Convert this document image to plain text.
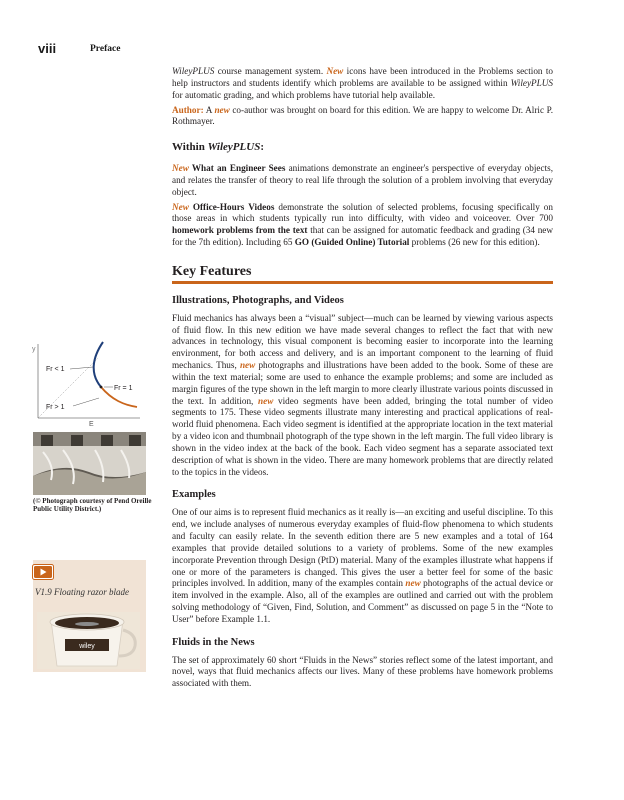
viii	Preface

WileyPLUS course management system. New icons have been introduced in the Problems section to help instructors and students identify which problems are available to be assigned within WileyPLUS for automatic grading, and which problems have tutorial help available.

Author: A new co-author was brought on board for this edition. We are happy to welcome Dr. Alric P. Rothmayer.

Within WileyPLUS:

New What an Engineer Sees animations demonstrate an engineer's perspective of everyday objects, and relates the transfer of theory to real life through the solution of a problem involving that everyday object.

New Office-Hours Videos demonstrate the solution of selected problems, focusing specifically on those areas in which students typically run into difficulty, with video and voiceover. Over 700 homework problems from the text that can be assigned for automatic feedback and grading (34 new for the 7th edition). Including 65 GO (Guided Online) Tutorial problems (26 new for this edition).

Key Features
Illustrations, Photographs, and Videos

Fluid mechanics has always been a “visual” subject—much can be learned by viewing various aspects of fluid flow. In this new edition we have made several changes to reflect the fact that with new advances in technology, this visual component is becoming easier to incorporate into the learning environment, for both access and delivery, and is an important component to the learning of fluid mechanics. Thus, new photographs and illustrations have been added to the book. Some of these are within the text material; some are used to enhance the example problems; and some are included as margin figures of the type shown in the left margin to more clearly illustrate various points discussed in the text. In addition, new video segments have been added, bringing the total number of video segments to 175. These video segments illustrate many interesting and practical applications of real-world fluid phenomena. Each video segment is identified at the appropriate location in the text material by a video icon and thumbnail photograph of the type shown in the left margin. The full video library is shown in the video index at the back of the book. Each video segment has a separate associated text description of what is shown in the video. There are many homework problems that are directly related to the topics in the videos.

Examples

One of our aims is to represent fluid mechanics as it really is—an exciting and useful discipline. To this end, we include analyses of numerous everyday examples of fluid-flow phenomena to which students and faculty can easily relate. In the seventh edition there are 5 new examples and a total of 164 examples that provide detailed solutions to a variety of problems. Some of the new examples incorporate Prevention through Design (PtD) material. Many of the examples illustrate what happens if one or more of the parameters is changed. This gives the user a better feel for some of the basic principles involved. In addition, many of the examples contain new photographs of the actual device or item involved in the example. Also, all of the examples are outlined and carried out with the problem solving methodology of “Given, Find, Solution, and Comment” as discussed on page 5 in the “Note to User” before Example 1.1.

Fluids in the News

The set of approximately 60 short “Fluids in the News” stories reflect some of the latest important, and novel, ways that fluid mechanics affects our lives. Many of these problems have homework problems associated with them.

y
E
Fr < 1
Fr = 1
Fr > 1
(© Photograph courtesy of Pend Oreille Public Utility District.)
V1.9 Floating razor blade
wiley
